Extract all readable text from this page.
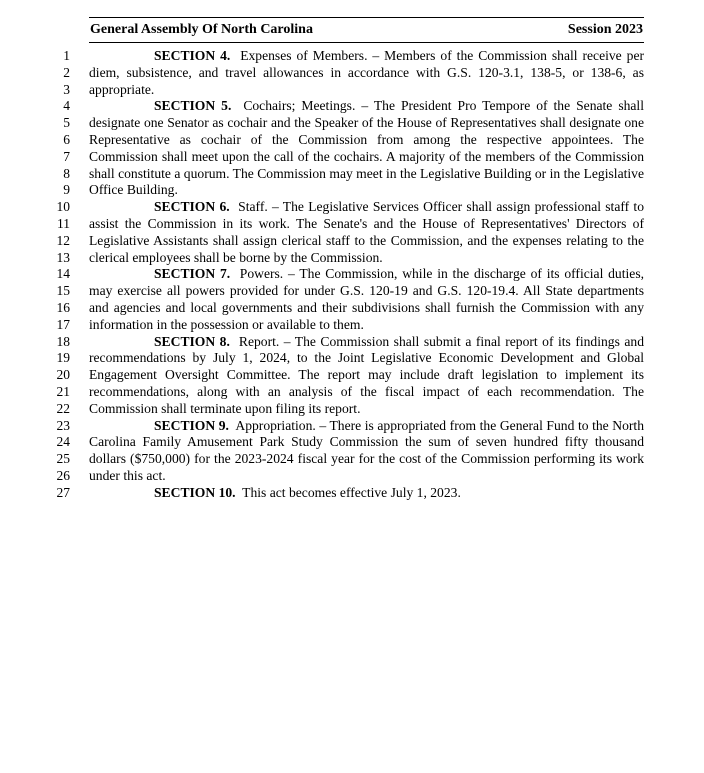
General Assembly Of North Carolina	Session 2023
1
2
3
4
5
6
7
8
9
10
11
12
13
14
15
16
17
18
19
20
21
22
23
24
25
26
27

SECTION 4. Expenses of Members. – Members of the Commission shall receive per diem, subsistence, and travel allowances in accordance with G.S. 120-3.1, 138-5, or 138-6, as appropriate.

SECTION 5. Cochairs; Meetings. – The President Pro Tempore of the Senate shall designate one Senator as cochair and the Speaker of the House of Representatives shall designate one Representative as cochair of the Commission from among the respective appointees. The Commission shall meet upon the call of the cochairs. A majority of the members of the Commission shall constitute a quorum. The Commission may meet in the Legislative Building or in the Legislative Office Building.

SECTION 6. Staff. – The Legislative Services Officer shall assign professional staff to assist the Commission in its work. The Senate's and the House of Representatives' Directors of Legislative Assistants shall assign clerical staff to the Commission, and the expenses relating to the clerical employees shall be borne by the Commission.

SECTION 7. Powers. – The Commission, while in the discharge of its official duties, may exercise all powers provided for under G.S. 120-19 and G.S. 120-19.4. All State departments and agencies and local governments and their subdivisions shall furnish the Commission with any information in the possession or available to them.

SECTION 8. Report. – The Commission shall submit a final report of its findings and recommendations by July 1, 2024, to the Joint Legislative Economic Development and Global Engagement Oversight Committee. The report may include draft legislation to implement its recommendations, along with an analysis of the fiscal impact of each recommendation. The Commission shall terminate upon filing its report.

SECTION 9. Appropriation. – There is appropriated from the General Fund to the North Carolina Family Amusement Park Study Commission the sum of seven hundred fifty thousand dollars ($750,000) for the 2023-2024 fiscal year for the cost of the Commission performing its work under this act.

SECTION 10. This act becomes effective July 1, 2023.
